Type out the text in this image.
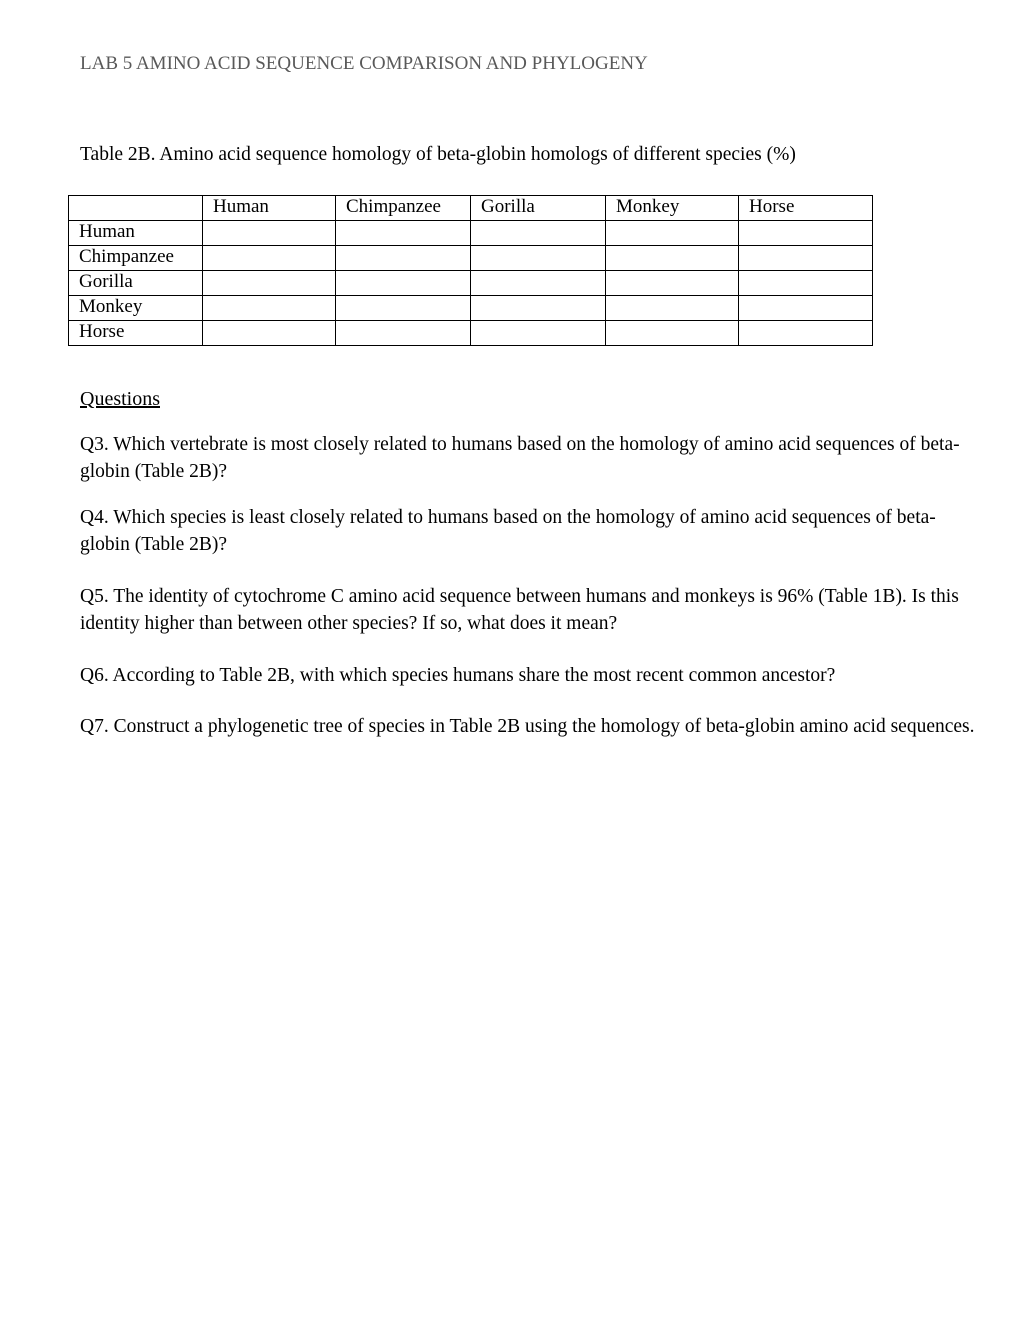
LAB 5 AMINO ACID SEQUENCE COMPARISON AND PHYLOGENY
Table 2B. Amino acid sequence homology of beta-globin homologs of different species (%)
	Human	Chimpanzee	Gorilla	Monkey	Horse
Human					
Chimpanzee					
Gorilla					
Monkey					
Horse					
Questions
Q3. Which vertebrate is most closely related to humans based on the homology of amino acid sequences of beta-globin (Table 2B)?
Q4. Which species is least closely related to humans based on the homology of amino acid sequences of beta-globin (Table 2B)?
Q5. The identity of cytochrome C amino acid sequence between humans and monkeys is 96% (Table 1B). Is this identity higher than between other species? If so, what does it mean?
Q6. According to Table 2B, with which species humans share the most recent common ancestor?
Q7. Construct a phylogenetic tree of species in Table 2B using the homology of beta-globin amino acid sequences.
